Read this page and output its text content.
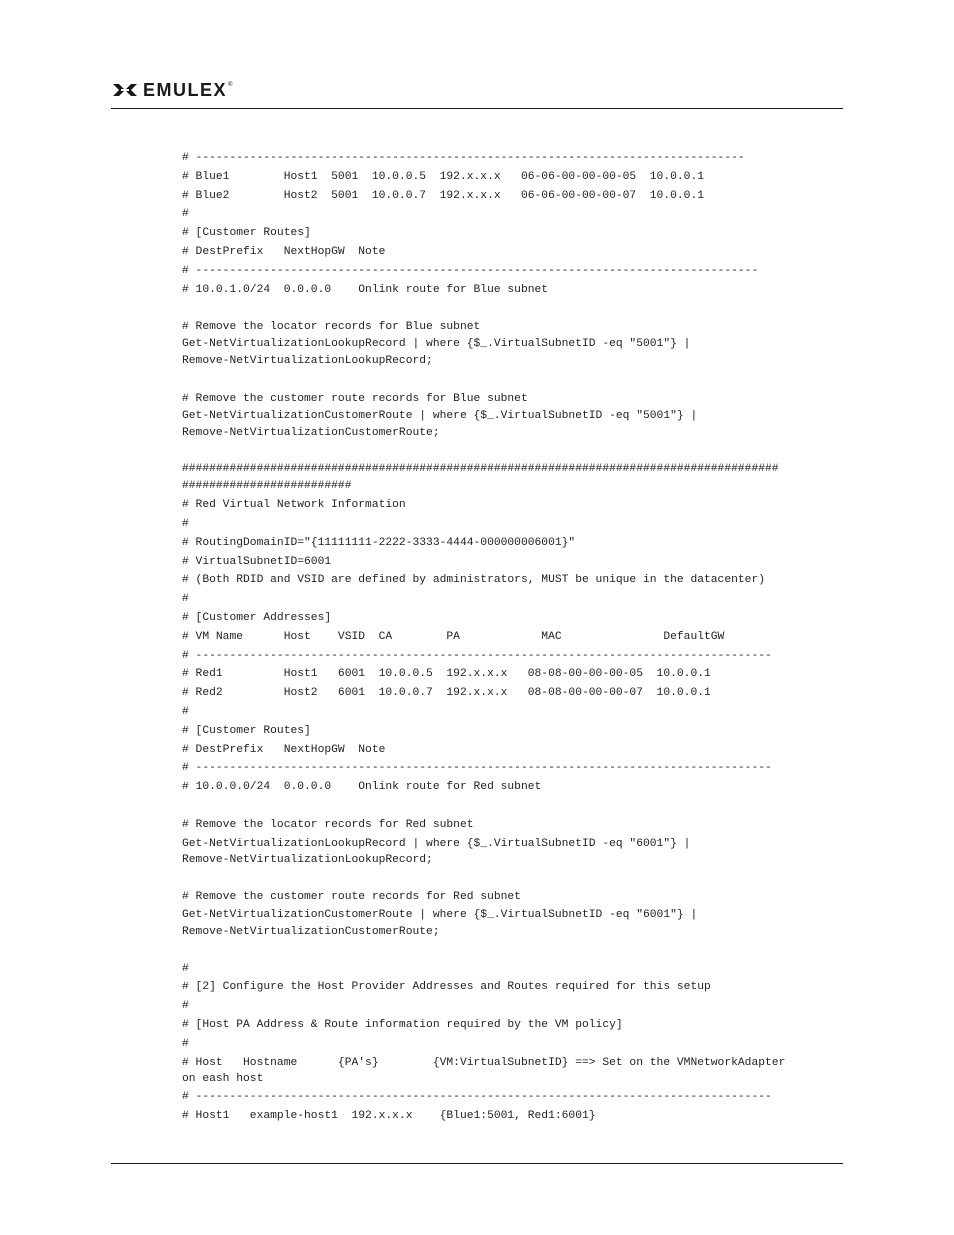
EMULEX ®
# ---------------------------------------------------------------------------------
# Blue1        Host1  5001  10.0.0.5  192.x.x.x   06-06-00-00-00-05  10.0.0.1
# Blue2        Host2  5001  10.0.0.7  192.x.x.x   06-06-00-00-00-07  10.0.0.1
#
# [Customer Routes]
# DestPrefix   NextHopGW  Note
# -----------------------------------------------------------------------------------
# 10.0.1.0/24  0.0.0.0    Onlink route for Blue subnet
# Remove the locator records for Blue subnet
Get-NetVirtualizationLookupRecord | where {$_.VirtualSubnetID -eq "5001"} |
Remove-NetVirtualizationLookupRecord;
# Remove the customer route records for Blue subnet
Get-NetVirtualizationCustomerRoute | where {$_.VirtualSubnetID -eq "5001"} |
Remove-NetVirtualizationCustomerRoute;
########################################################################################
#########################
# Red Virtual Network Information
#
# RoutingDomainID="{11111111-2222-3333-4444-000000006001}"
# VirtualSubnetID=6001
# (Both RDID and VSID are defined by administrators, MUST be unique in the datacenter)
#
# [Customer Addresses]
# VM Name      Host    VSID  CA        PA            MAC               DefaultGW
# -------------------------------------------------------------------------------------
# Red1         Host1   6001  10.0.0.5  192.x.x.x   08-08-00-00-00-05  10.0.0.1
# Red2         Host2   6001  10.0.0.7  192.x.x.x   08-08-00-00-00-07  10.0.0.1
#
# [Customer Routes]
# DestPrefix   NextHopGW  Note
# -------------------------------------------------------------------------------------
# 10.0.0.0/24  0.0.0.0    Onlink route for Red subnet
# Remove the locator records for Red subnet
Get-NetVirtualizationLookupRecord | where {$_.VirtualSubnetID -eq "6001"} |
Remove-NetVirtualizationLookupRecord;
# Remove the customer route records for Red subnet
Get-NetVirtualizationCustomerRoute | where {$_.VirtualSubnetID -eq "6001"} |
Remove-NetVirtualizationCustomerRoute;
#
# [2] Configure the Host Provider Addresses and Routes required for this setup
#
# [Host PA Address & Route information required by the VM policy]
#
# Host   Hostname      {PA's}        {VM:VirtualSubnetID} ==> Set on the VMNetworkAdapter
on eash host
# -------------------------------------------------------------------------------------
# Host1   example-host1  192.x.x.x    {Blue1:5001, Red1:6001}
